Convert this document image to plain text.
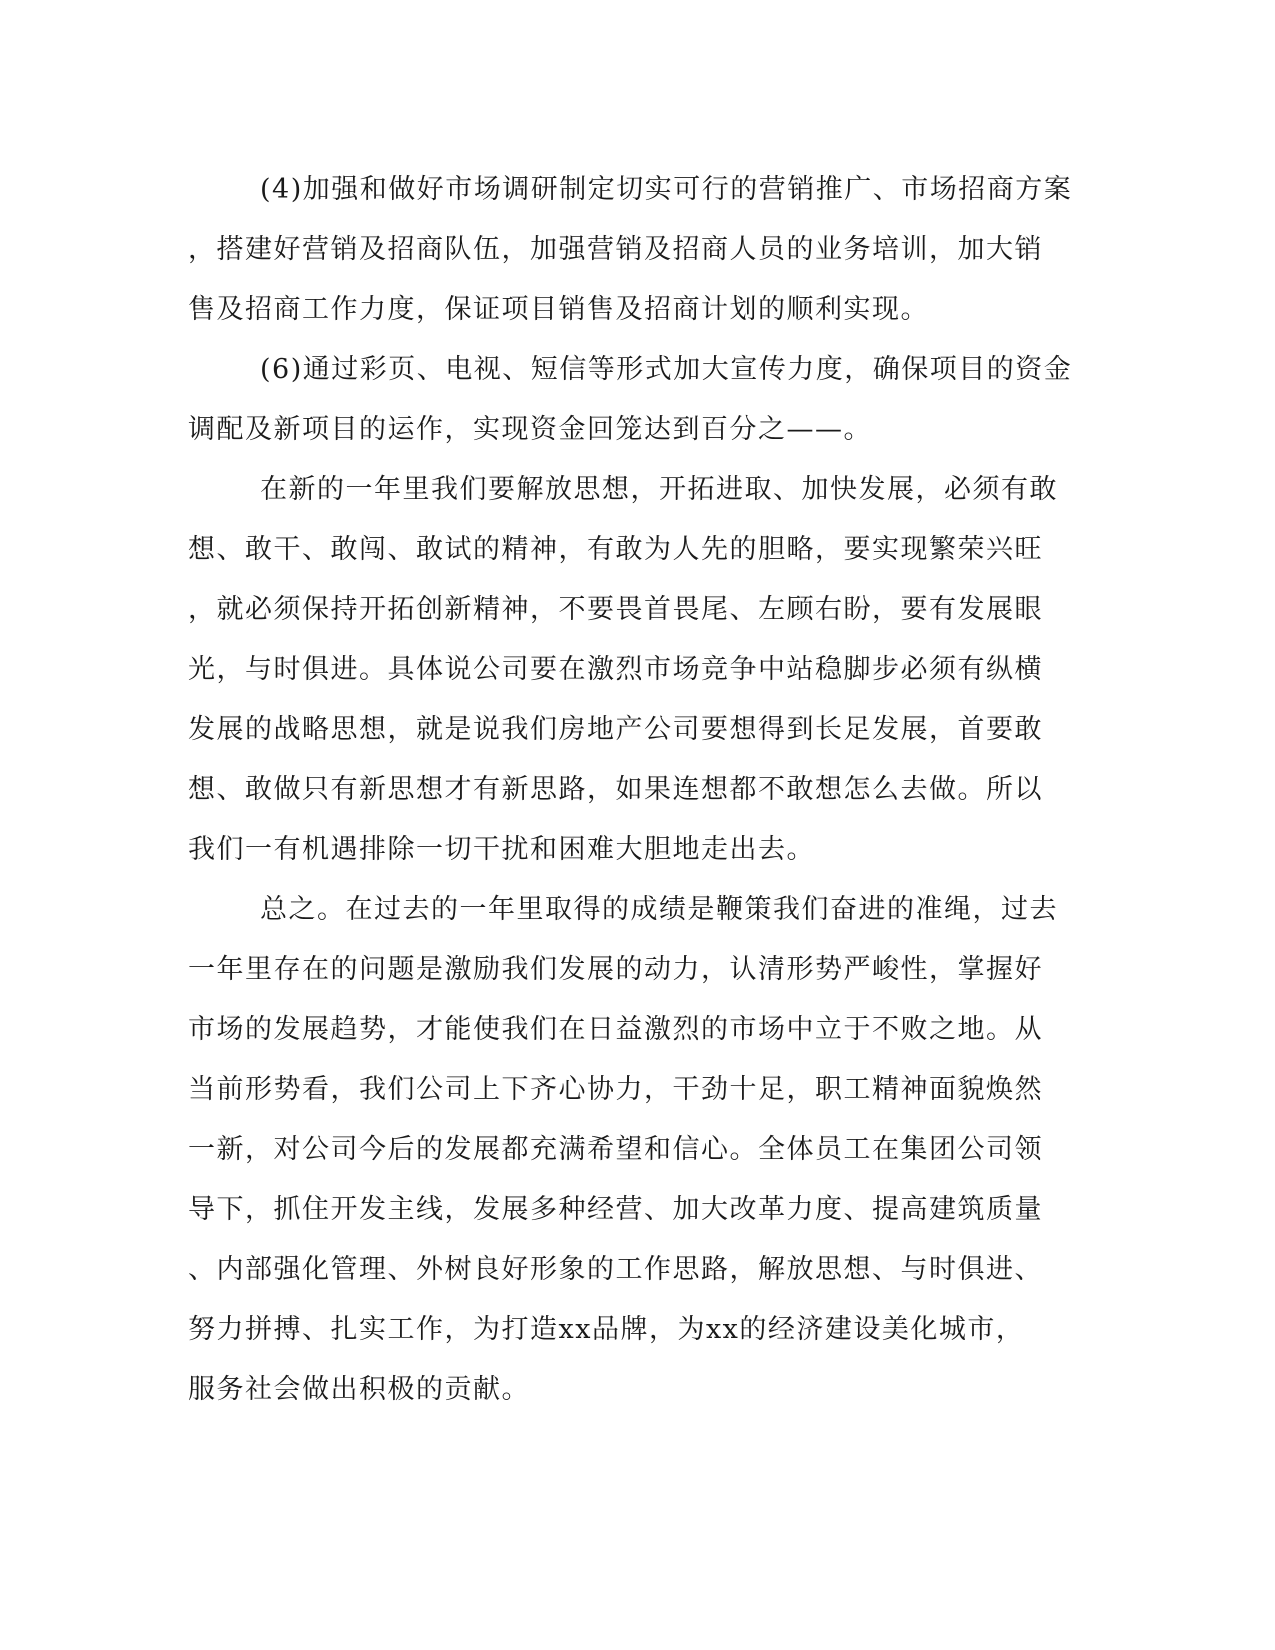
(4)加强和做好市场调研制定切实可行的营销推广、市场招商方案
，搭建好营销及招商队伍，加强营销及招商人员的业务培训，加大销
售及招商工作力度，保证项目销售及招商计划的顺利实现。
(6)通过彩页、电视、短信等形式加大宣传力度，确保项目的资金
调配及新项目的运作，实现资金回笼达到百分之——。
在新的一年里我们要解放思想，开拓进取、加快发展，必须有敢
想、敢干、敢闯、敢试的精神，有敢为人先的胆略，要实现繁荣兴旺
，就必须保持开拓创新精神，不要畏首畏尾、左顾右盼，要有发展眼
光，与时俱进。具体说公司要在激烈市场竞争中站稳脚步必须有纵横
发展的战略思想，就是说我们房地产公司要想得到长足发展，首要敢
想、敢做只有新思想才有新思路，如果连想都不敢想怎么去做。所以
我们一有机遇排除一切干扰和困难大胆地走出去。
总之。在过去的一年里取得的成绩是鞭策我们奋进的准绳，过去
一年里存在的问题是激励我们发展的动力，认清形势严峻性，掌握好
市场的发展趋势，才能使我们在日益激烈的市场中立于不败之地。从
当前形势看，我们公司上下齐心协力，干劲十足，职工精神面貌焕然
一新，对公司今后的发展都充满希望和信心。全体员工在集团公司领
导下，抓住开发主线，发展多种经营、加大改革力度、提高建筑质量
、内部强化管理、外树良好形象的工作思路，解放思想、与时俱进、
努力拼搏、扎实工作，为打造xx品牌，为xx的经济建设美化城市，
服务社会做出积极的贡献。
